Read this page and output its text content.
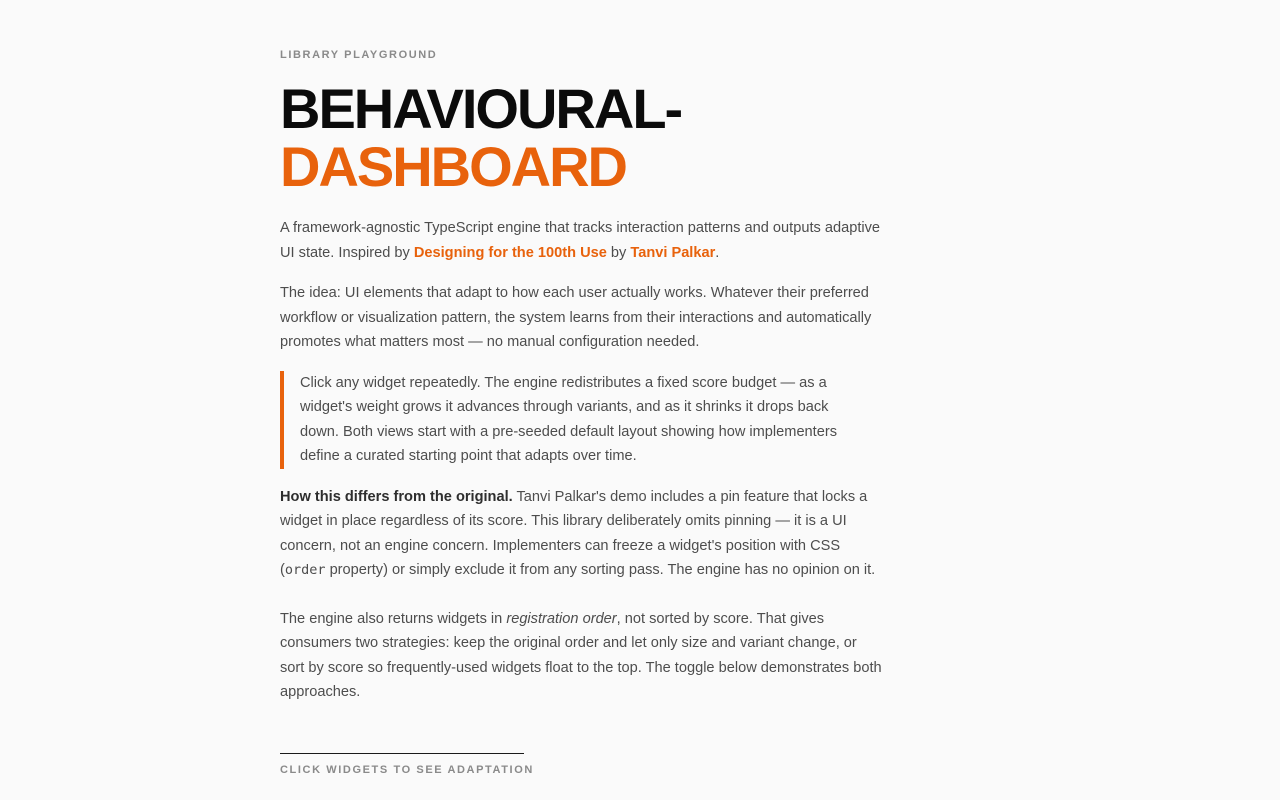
LIBRARY PLAYGROUND
BEHAVIOURAL-
DASHBOARD

A framework-agnostic TypeScript engine that tracks interaction patterns and outputs adaptive UI state. Inspired by Designing for the 100th Use by Tanvi Palkar.

The idea: UI elements that adapt to how each user actually works. Whatever their preferred workflow or visualization pattern, the system learns from their interactions and automatically promotes what matters most — no manual configuration needed.

Click any widget repeatedly. The engine redistributes a fixed score budget — as a widget's weight grows it advances through variants, and as it shrinks it drops back down. Both views start with a pre-seeded default layout showing how implementers define a curated starting point that adapts over time.

How this differs from the original. Tanvi Palkar's demo includes a pin feature that locks a widget in place regardless of its score. This library deliberately omits pinning — it is a UI concern, not an engine concern. Implementers can freeze a widget's position with CSS (order property) or simply exclude it from any sorting pass. The engine has no opinion on it.

The engine also returns widgets in registration order, not sorted by score. That gives consumers two strategies: keep the original order and let only size and variant change, or sort by score so frequently-used widgets float to the top. The toggle below demonstrates both approaches.

CLICK WIDGETS TO SEE ADAPTATION
